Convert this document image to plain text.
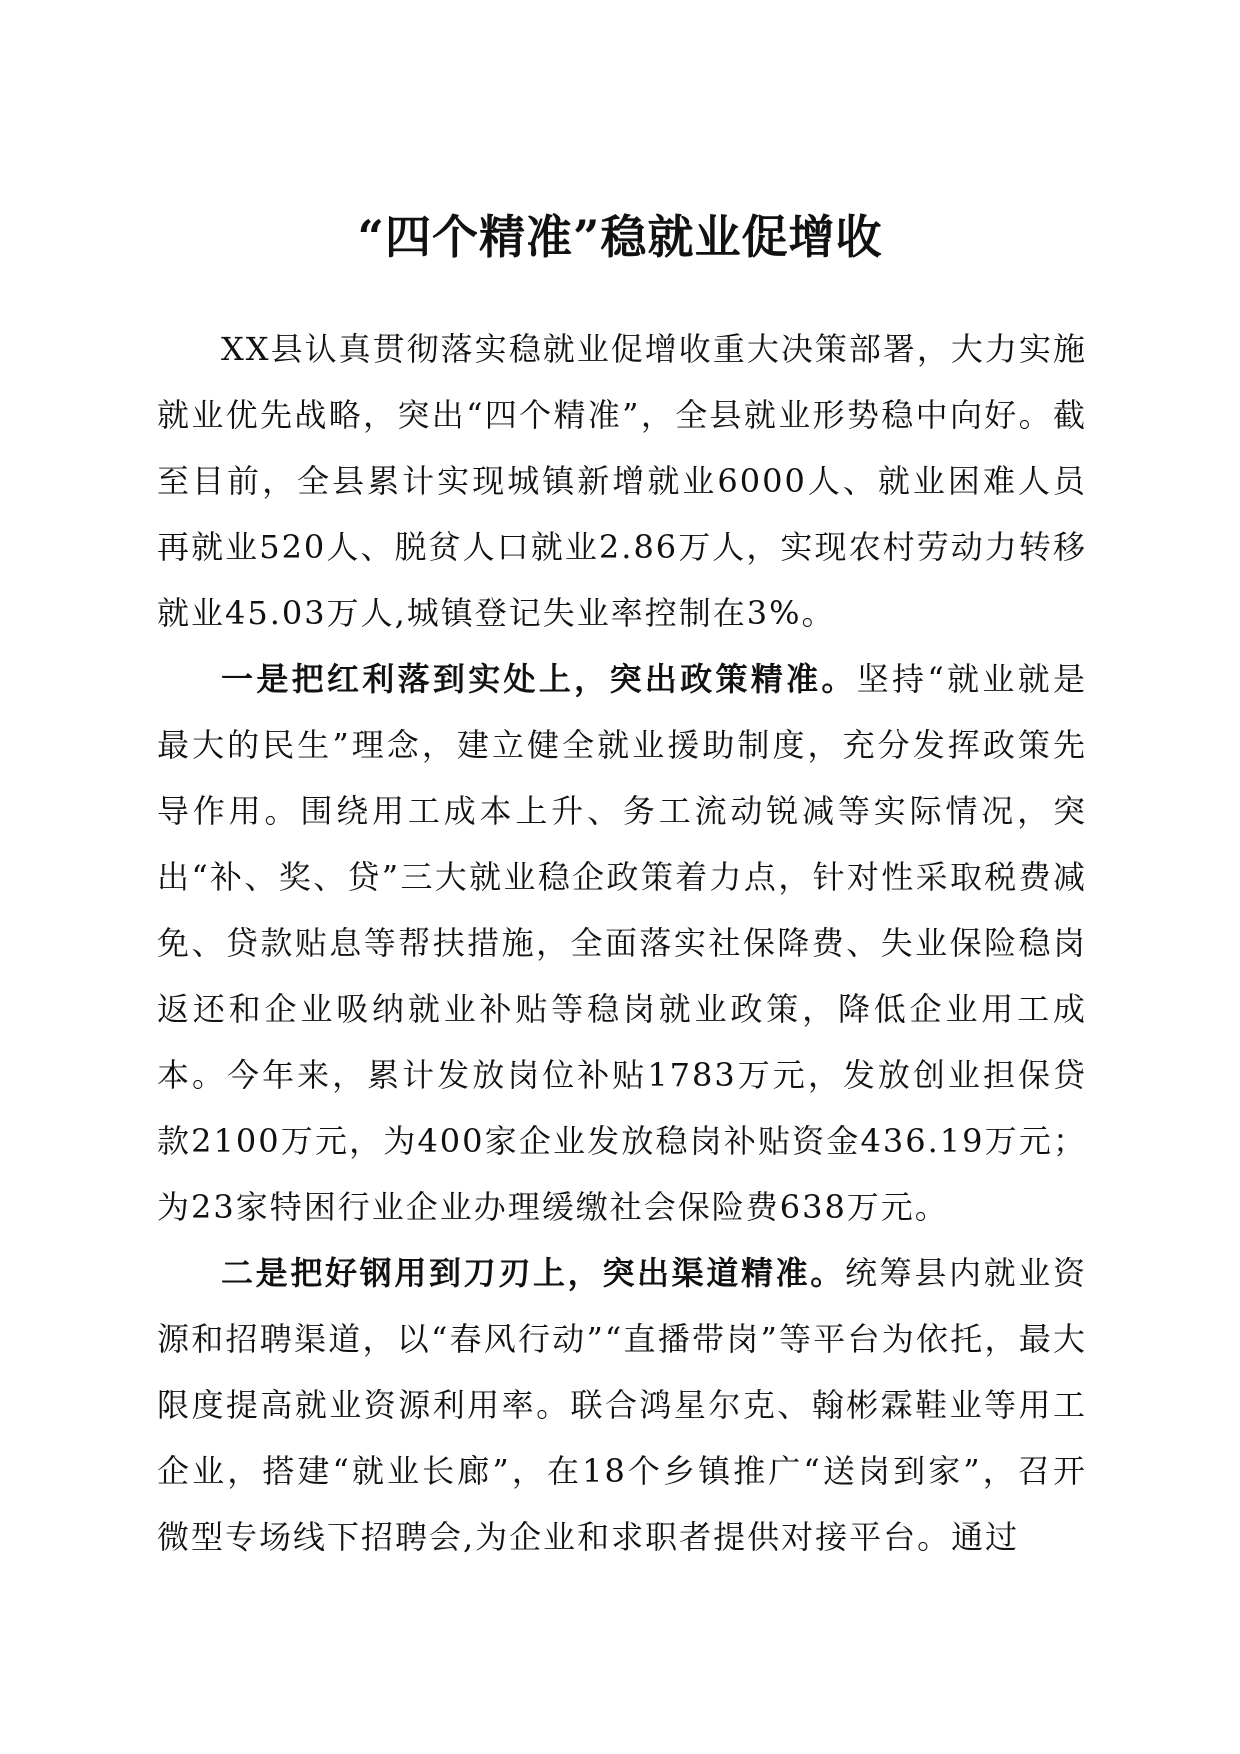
“四个精准”稳就业促增收

XX县认真贯彻落实稳就业促增收重大决策部署，大力实施就业优先战略，突出“四个精准”，全县就业形势稳中向好。截至目前，全县累计实现城镇新增就业6000人、就业困难人员再就业520人、脱贫人口就业2.86万人，实现农村劳动力转移就业45.03万人,城镇登记失业率控制在3%。

一是把红利落到实处上，突出政策精准。坚持“就业就是最大的民生”理念，建立健全就业援助制度，充分发挥政策先导作用。围绕用工成本上升、务工流动锐减等实际情况，突出“补、奖、贷”三大就业稳企政策着力点，针对性采取税费减免、贷款贴息等帮扶措施，全面落实社保降费、失业保险稳岗返还和企业吸纳就业补贴等稳岗就业政策，降低企业用工成本。今年来，累计发放岗位补贴1783万元，发放创业担保贷款2100万元，为400家企业发放稳岗补贴资金436.19万元；为23家特困行业企业办理缓缴社会保险费638万元。

二是把好钢用到刀刃上，突出渠道精准。统筹县内就业资源和招聘渠道，以“春风行动”“直播带岗”等平台为依托，最大限度提高就业资源利用率。联合鸿星尔克、翰彬霖鞋业等用工企业，搭建“就业长廊”，在18个乡镇推广“送岗到家”，召开微型专场线下招聘会,为企业和求职者提供对接平台。通过
